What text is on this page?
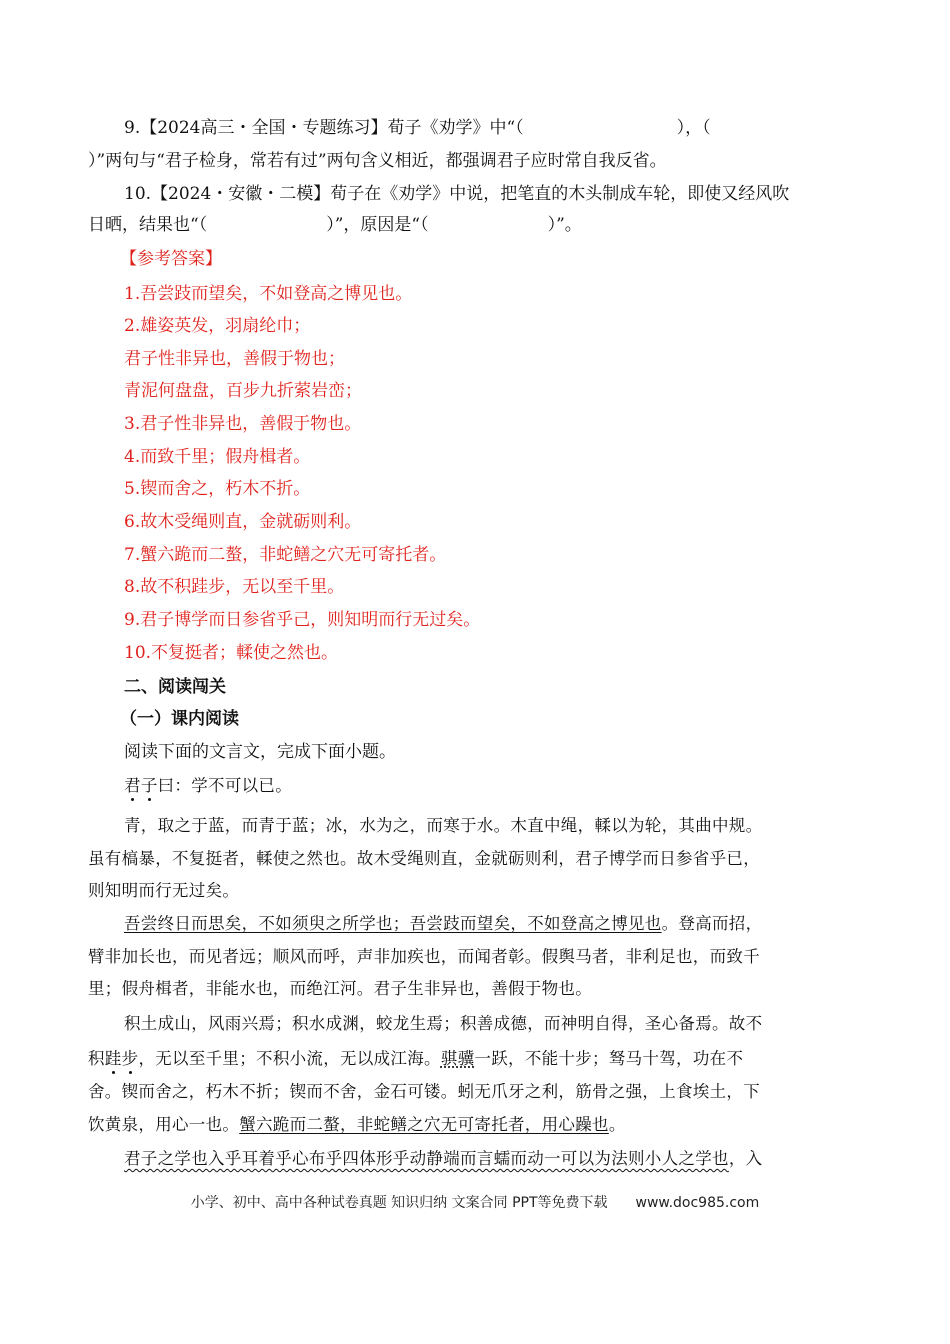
9.【2024高三・全国・专题练习】荀子《劝学》中“（　　　　　　　　　），（
）”两句与“君子检身，常若有过”两句含义相近，都强调君子应时常自我反省。
10.【2024・安徽・二模】荀子在《劝学》中说，把笔直的木头制成车轮，即使又经风吹
日晒，结果也“（　　　　　　　）”，原因是“（　　　　　　　）”。
【参考答案】
1.吾尝跂而望矣，不如登高之博见也。
2.雄姿英发，羽扇纶巾；
君子性非异也，善假于物也；
青泥何盘盘，百步九折萦岩峦；
3.君子性非异也，善假于物也。
4.而致千里；假舟楫者。
5.锲而舍之，朽木不折。
6.故木受绳则直，金就砺则利。
7.蟹六跪而二螯，非蛇鳝之穴无可寄托者。
8.故不积跬步，无以至千里。
9.君子博学而日参省乎己，则知明而行无过矣。
10.不复挺者；輮使之然也。
二、阅读闯关
（一）课内阅读
阅读下面的文言文，完成下面小题。
君子曰：学不可以已。
青，取之于蓝，而青于蓝；冰，水为之，而寒于水。木直中绳，輮以为轮，其曲中规。
虽有槁暴，不复挺者，輮使之然也。故木受绳则直，金就砺则利，君子博学而日参省乎已，
则知明而行无过矣。
吾尝终日而思矣，不如须臾之所学也；吾尝跂而望矣，不如登高之博见也。登高而招，
臂非加长也，而见者远；顺风而呼，声非加疾也，而闻者彰。假舆马者，非利足也，而致千
里；假舟楫者，非能水也，而绝江河。君子生非异也，善假于物也。
积土成山，风雨兴焉；积水成渊，蛟龙生焉；积善成德，而神明自得，圣心备焉。故不
积跬步，无以至千里；不积小流，无以成江海。骐骥一跃，不能十步；驽马十驾，功在不
舍。锲而舍之，朽木不折；锲而不舍，金石可镂。蚓无爪牙之利，筋骨之强，上食埃土，下
饮黄泉，用心一也。蟹六跪而二螯，非蛇鳝之穴无可寄托者，用心躁也。
君子之学也入乎耳着乎心布乎四体形乎动静端而言蠕而动一可以为法则小人之学也，入
小学、初中、高中各种试卷真题 知识归纳 文案合同 PPT等免费下载 www.doc985.com
